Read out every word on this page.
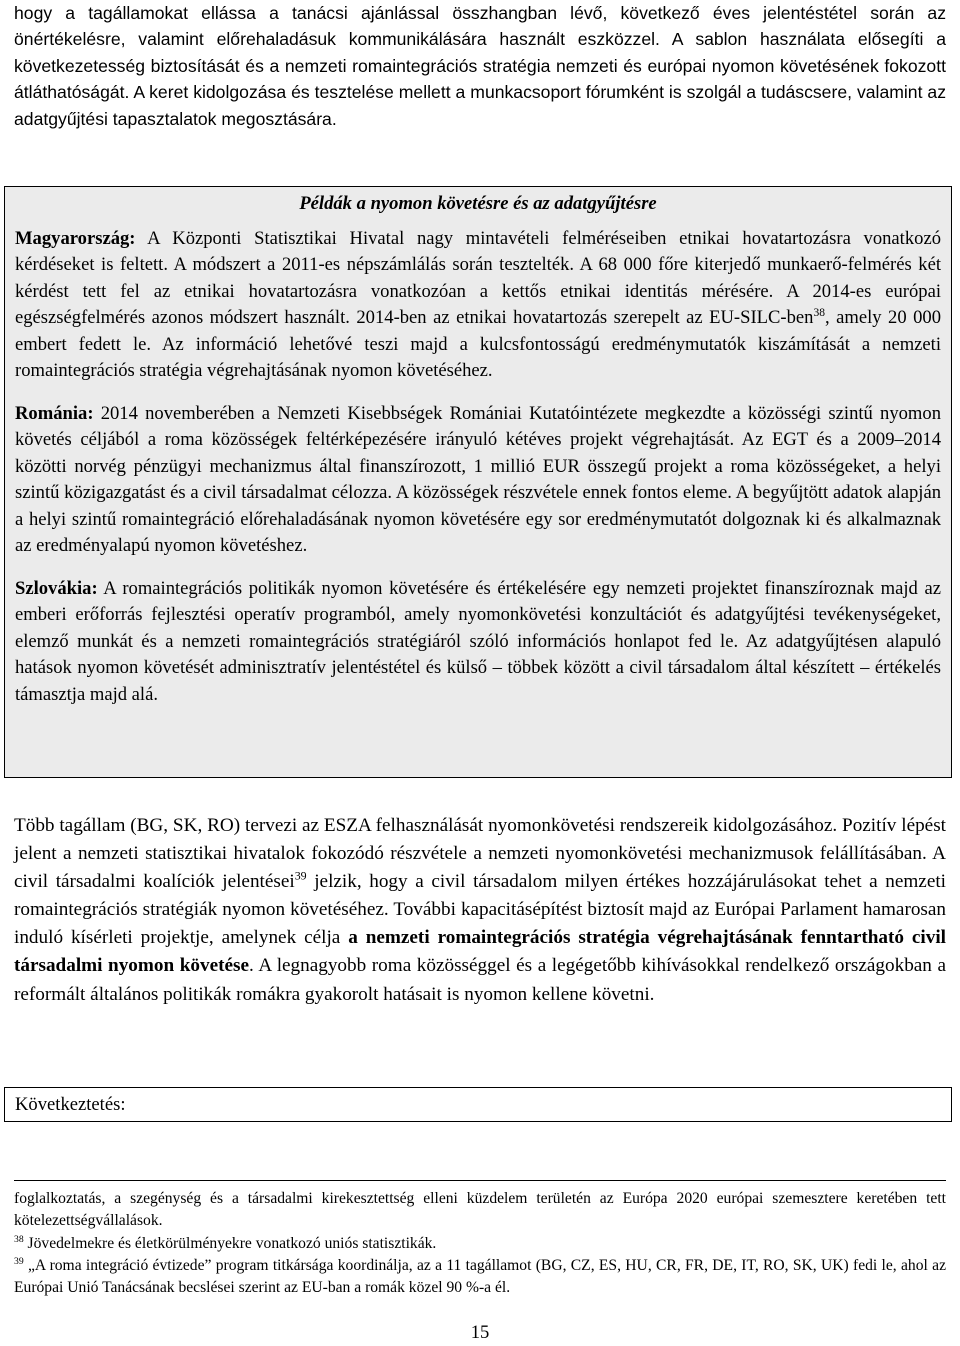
hogy a tagállamokat ellássa a tanácsi ajánlással összhangban lévő, következő éves jelentéstétel során az önértékelésre, valamint előrehaladásuk kommunikálására használt eszközzel. A sablon használata elősegíti a következetesség biztosítását és a nemzeti romaintegrációs stratégia nemzeti és európai nyomon követésének fokozott átláthatóságát. A keret kidolgozása és tesztelése mellett a munkacsoport fórumként is szolgál a tudáscsere, valamint az adatgyűjtési tapasztalatok megosztására.

Példák a nyomon követésre és az adatgyűjtésre

Magyarország: A Központi Statisztikai Hivatal nagy mintavételi felméréseiben etnikai hovatartozásra vonatkozó kérdéseket is feltett. A módszert a 2011-es népszámlálás során tesztelték. A 68 000 főre kiterjedő munkaerő-felmérés két kérdést tett fel az etnikai hovatartozásra vonatkozóan a kettős etnikai identitás mérésére. A 2014-es európai egészségfelmérés azonos módszert használt. 2014-ben az etnikai hovatartozás szerepelt az EU-SILC-ben$^{38}$, amely 20 000 embert fedett le. Az információ lehetővé teszi majd a kulcsfontosságú eredménymutatók kiszámítását a nemzeti romaintegrációs stratégia végrehajtásának nyomon követéséhez.

Románia: 2014 novemberében a Nemzeti Kisebbségek Romániai Kutatóintézete megkezdte a közösségi szintű nyomon követés céljából a roma közösségek feltérképezésére irányuló kétéves projekt végrehajtását. Az EGT és a 2009–2014 közötti norvég pénzügyi mechanizmus által finanszírozott, 1 millió EUR összegű projekt a roma közösségeket, a helyi szintű közigazgatást és a civil társadalmat célozza. A közösségek részvétele ennek fontos eleme. A begyűjtött adatok alapján a helyi szintű romaintegráció előrehaladásának nyomon követésére egy sor eredménymutatót dolgoznak ki és alkalmaznak az eredményalapú nyomon követéshez.

Szlovákia: A romaintegrációs politikák nyomon követésére és értékelésére egy nemzeti projektet finanszíroznak majd az emberi erőforrás fejlesztési operatív programból, amely nyomonkövetési konzultációt és adatgyűjtési tevékenységeket, elemző munkát és a nemzeti romaintegrációs stratégiáról szóló információs honlapot fed le. Az adatgyűjtésen alapuló hatások nyomon követését adminisztratív jelentéstétel és külső – többek között a civil társadalom által készített – értékelés támasztja majd alá.

Több tagállam (BG, SK, RO) tervezi az ESZA felhasználását nyomonkövetési rendszereik kidolgozásához. Pozitív lépést jelent a nemzeti statisztikai hivatalok fokozódó részvétele a nemzeti nyomonkövetési mechanizmusok felállításában. A civil társadalmi koalíciók jelentései$^{39}$ jelzik, hogy a civil társadalom milyen értékes hozzájárulásokat tehet a nemzeti romaintegrációs stratégiák nyomon követéséhez. További kapacitásépítést biztosít majd az Európai Parlament hamarosan induló kísérleti projektje, amelynek célja a nemzeti romaintegrációs stratégia végrehajtásának fenntartható civil társadalmi nyomon követése. A legnagyobb roma közösséggel és a legégetőbb kihívásokkal rendelkező országokban a reformált általános politikák romákra gyakorolt hatásait is nyomon kellene követni.

Következtetés:

foglalkoztatás, a szegénység és a társadalmi kirekesztettség elleni küzdelem területén az Európa 2020 európai szemesztere keretében tett kötelezettségvállalások.

$^{38}$ Jövedelmekre és életkörülményekre vonatkozó uniós statisztikák.

$^{39}$ „A roma integráció évtizede” program titkársága koordinálja, az a 11 tagállamot (BG, CZ, ES, HU, CR, FR, DE, IT, RO, SK, UK) fedi le, ahol az Európai Unió Tanácsának becslései szerint az EU-ban a romák közel 90 %-a él.

15
